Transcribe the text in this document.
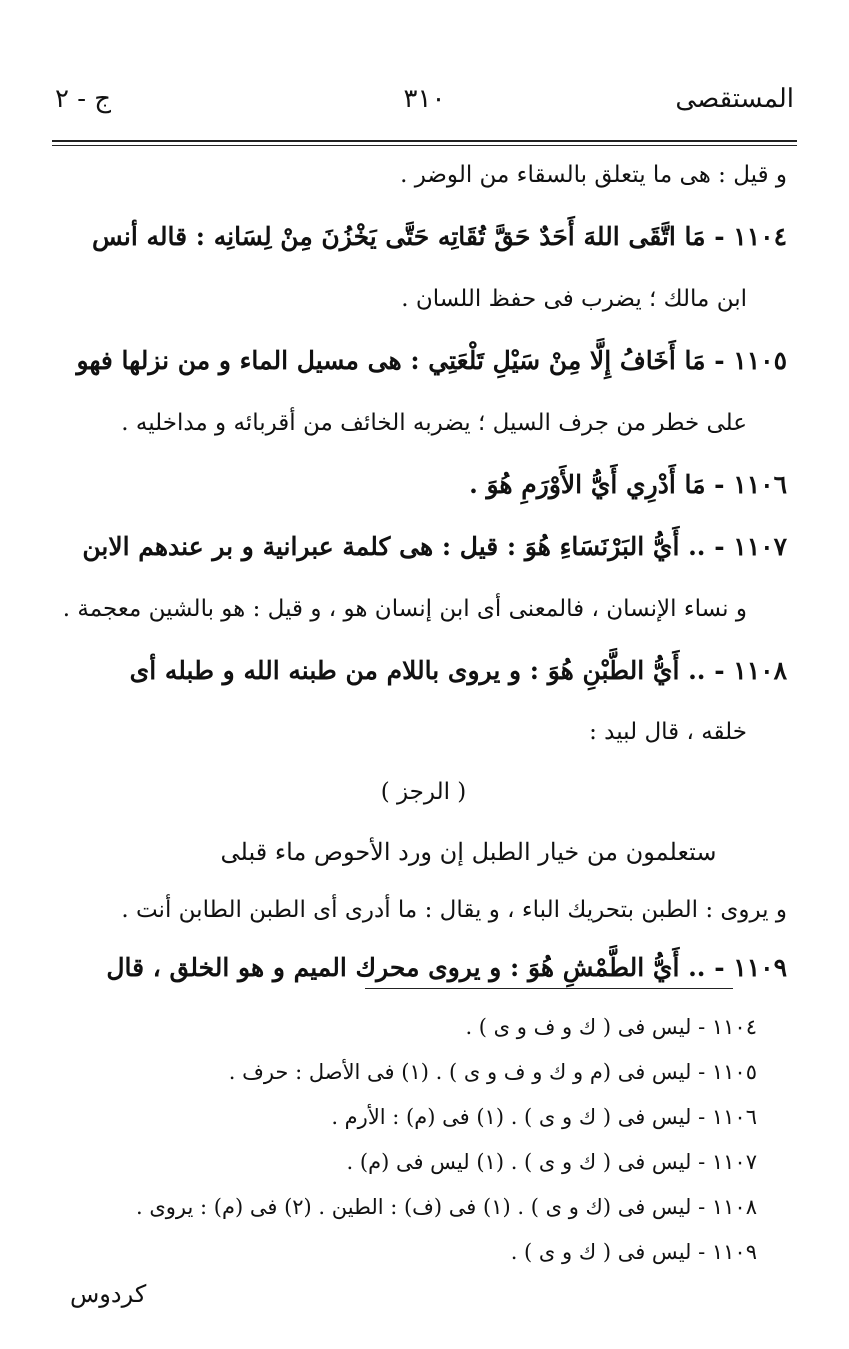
المستقصى
٣١٠
ج - ٢
و قيل : هى ما يتعلق بالسقاء من الوضر .
١١٠٤ - مَا اتَّقَى اللهَ أَحَدٌ حَقَّ تُقَاتِه حَتَّى يَخْزُنَ مِنْ لِسَانِه : قاله أنس
ابن مالك ؛ يضرب فى حفظ اللسان .
١١٠٥ - مَا أَخَافُ إِلَّا مِنْ سَيْلِ تَلْعَتِي : هى مسيل الماء و من نزلها فهو
على خطر من جرف السيل ؛ يضربه الخائف من أقربائه و مداخليه .
١١٠٦ - مَا أَدْرِي أَيُّ الأَوْرَمِ هُوَ .
١١٠٧ - .. أَيُّ البَرْنَسَاءِ هُوَ : قيل : هى كلمة عبرانية و بر عندهم الابن
و نساء الإنسان ، فالمعنى أى ابن إنسان هو ، و قيل : هو بالشين معجمة .
١١٠٨ - .. أَيُّ الطَّبْنِ هُوَ : و يروى باللام من طبنه الله و طبله أى
خلقه ، قال لبيد :
( الرجز )
ستعلمون من خيار الطبل إن ورد الأحوص ماء قبلى
و يروى : الطبن بتحريك الباء ، و يقال : ما أدرى أى الطبن الطابن أنت .
١١٠٩ - .. أَيُّ الطَّمْشِ هُوَ : و يروى محرك الميم و هو الخلق ، قال
١١٠٤ - ليس فى ( ك و ف و ى ) .
١١٠٥ - ليس فى (م و ك و ف و ى ) . (١) فى الأصل : حرف .
١١٠٦ - ليس فى ( ك و ى ) . (١) فى (م) : الأرم .
١١٠٧ - ليس فى ( ك و ى ) . (١) ليس فى (م) .
١١٠٨ - ليس فى (ك و ى ) . (١) فى (ف) : الطين . (٢) فى (م) : يروى .
١١٠٩ - ليس فى ( ك و ى ) .
كردوس
